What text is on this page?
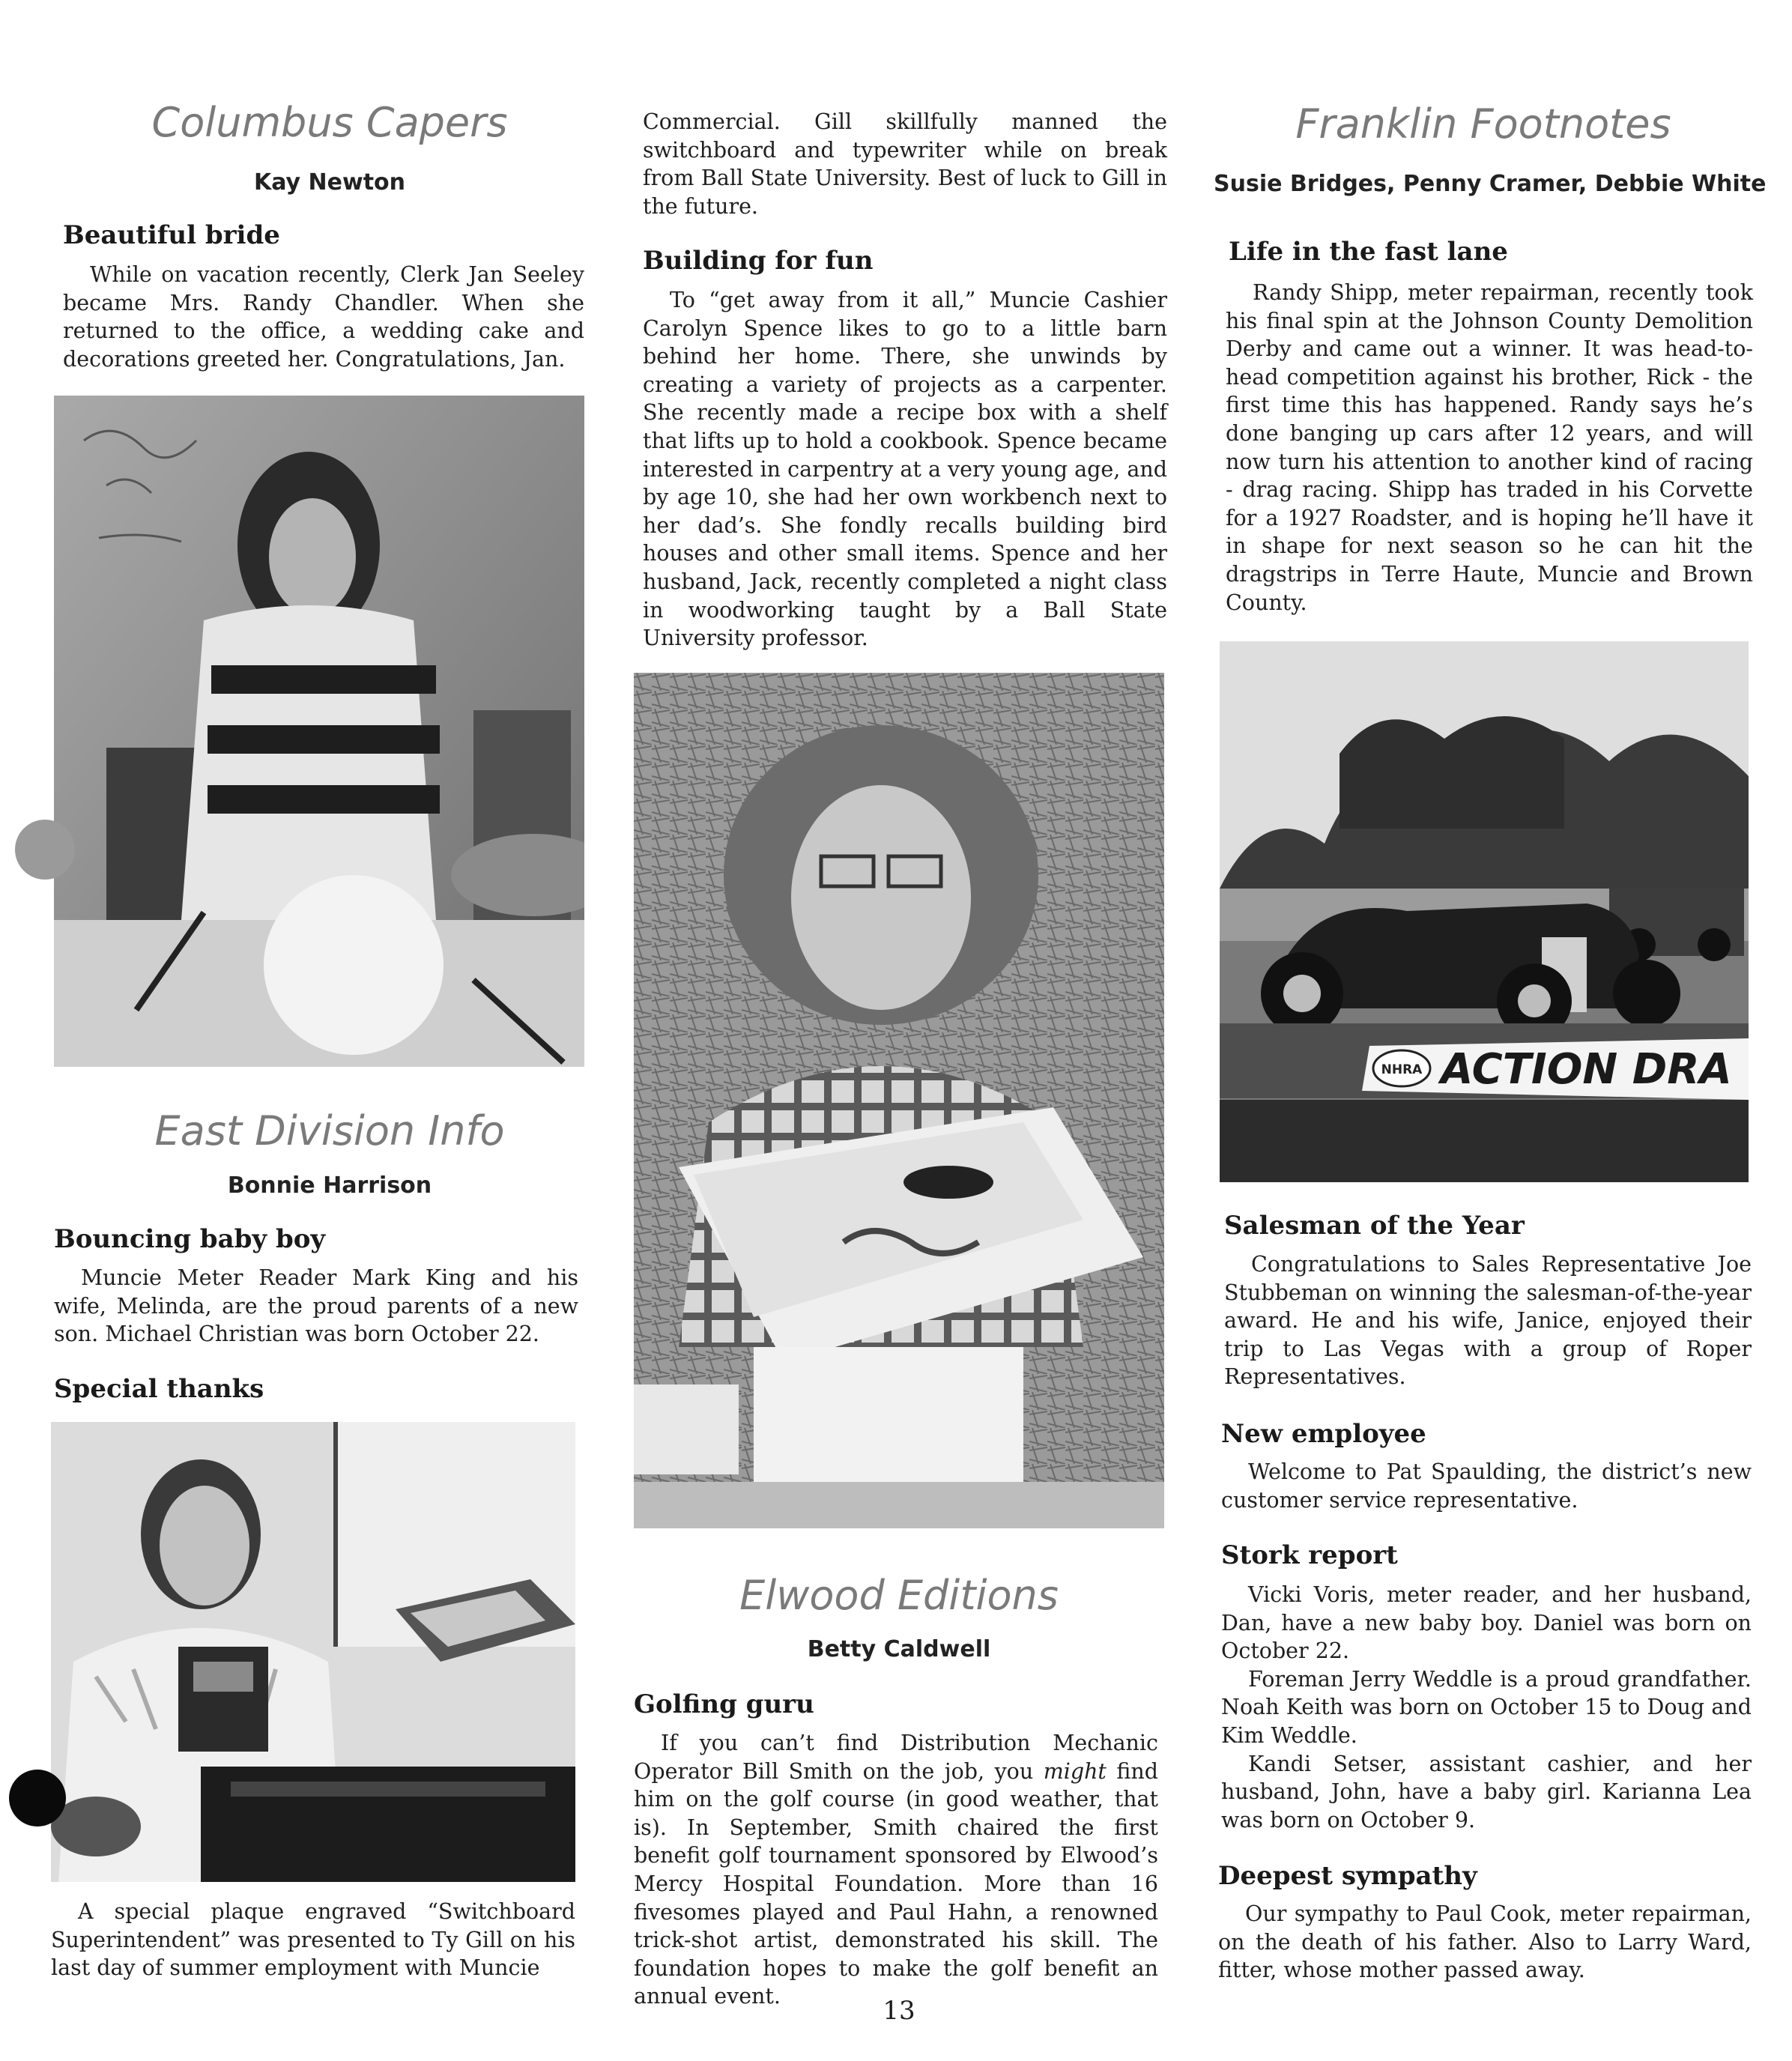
Columbus Capers
Kay Newton
Beautiful bride

While on vacation recently, Clerk Jan Seeley became Mrs. Randy Chandler. When she returned to the office, a wedding cake and decorations greeted her. Congratulations, Jan.

East Division Info
Bonnie Harrison
Bouncing baby boy

Muncie Meter Reader Mark King and his wife, Melinda, are the proud parents of a new son. Michael Christian was born October 22.

Special thanks

A special plaque engraved “Switchboard Superintendent” was presented to Ty Gill on his last day of summer employment with Muncie

Commercial. Gill skillfully manned the switchboard and typewriter while on break from Ball State University. Best of luck to Gill in the future.

Building for fun

To “get away from it all,” Muncie Cashier Carolyn Spence likes to go to a little barn behind her home. There, she unwinds by creating a variety of projects as a carpenter. She recently made a recipe box with a shelf that lifts up to hold a cookbook. Spence became interested in carpentry at a very young age, and by age 10, she had her own workbench next to her dad’s. She fondly recalls building bird houses and other small items. Spence and her husband, Jack, recently completed a night class in woodworking taught by a Ball State University professor.

Elwood Editions
Betty Caldwell
Golfing guru

If you can’t find Distribution Mechanic Operator Bill Smith on the job, you might find him on the golf course (in good weather, that is). In September, Smith chaired the first benefit golf tournament sponsored by Elwood’s Mercy Hospital Foundation. More than 16 fivesomes played and Paul Hahn, a renowned trick-shot artist, demonstrated his skill. The foundation hopes to make the golf benefit an annual event.	13
Franklin Footnotes
Susie Bridges, Penny Cramer, Debbie White
Life in the fast lane

Randy Shipp, meter repairman, recently took his final spin at the Johnson County Demolition Derby and came out a winner. It was head-to-head competition against his brother, Rick - the first time this has happened. Randy says he’s done banging up cars after 12 years, and will now turn his attention to another kind of racing - drag racing. Shipp has traded in his Corvette for a 1927 Roadster, and is hoping he’ll have it in shape for next season so he can hit the dragstrips in Terre Haute, Muncie and Brown County.

NHRA ACTION DRA
Salesman of the Year

Congratulations to Sales Representative Joe Stubbeman on winning the salesman-of-the-year award. He and his wife, Janice, enjoyed their trip to Las Vegas with a group of Roper Representatives.

New employee

Welcome to Pat Spaulding, the district’s new customer service representative.

Stork report

Vicki Voris, meter reader, and her husband, Dan, have a new baby boy. Daniel was born on October 22.
Foreman Jerry Weddle is a proud grandfather. Noah Keith was born on October 15 to Doug and Kim Weddle.
Kandi Setser, assistant cashier, and her husband, John, have a baby girl. Karianna Lea was born on October 9.

Deepest sympathy

Our sympathy to Paul Cook, meter repairman, on the death of his father. Also to Larry Ward, fitter, whose mother passed away.
